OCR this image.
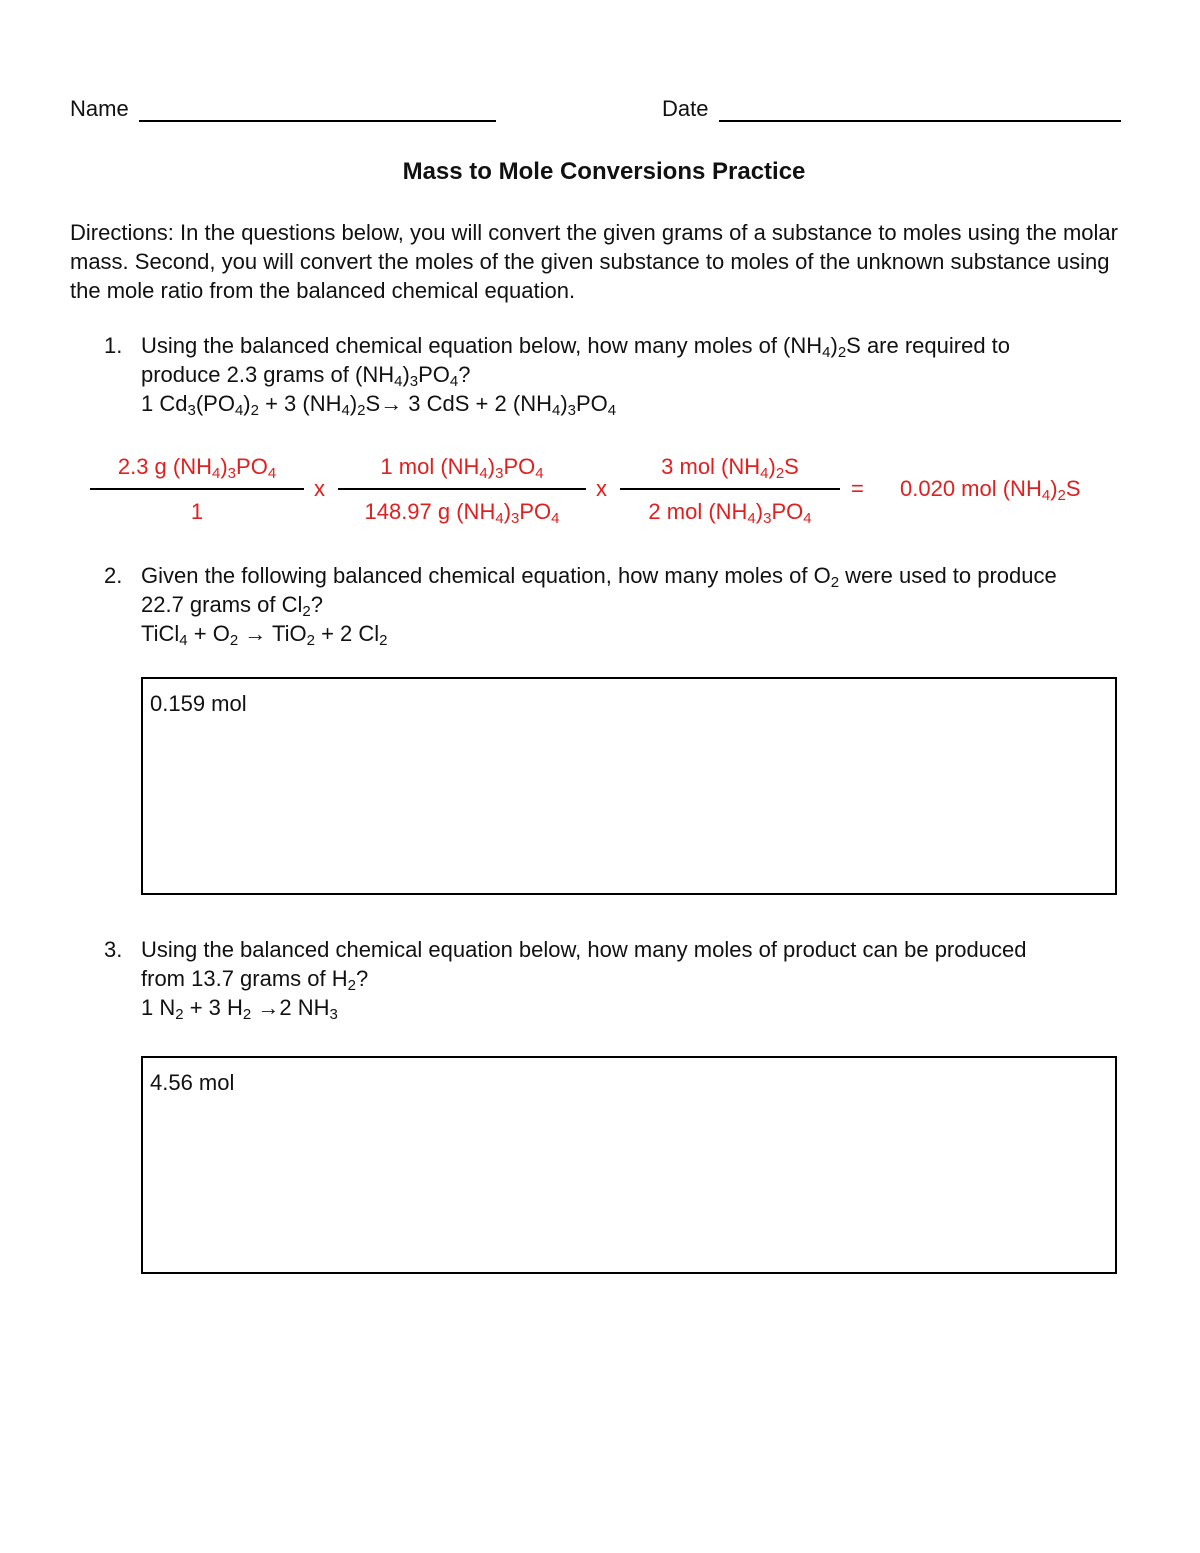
Name	Date
Mass to Mole Conversions Practice

Directions: In the questions below, you will convert the given grams of a substance to moles using the molar mass. Second, you will convert the moles of the given substance to moles of the unknown substance using the mole ratio from the balanced chemical equation.

1. Using the balanced chemical equation below, how many moles of $(NH_4)_2S$ are required to
produce 2.3 grams of $(NH_4)_3PO_4$?
1 $Cd_3(PO_4)_2 + 3$ $(NH_4)_2S\to 3$ CdS + 2 $(NH_4)_3PO_4$
2.3 g $(NH_4)_3PO_4$
1
x
1 mol $(NH_4)_3PO_4$
148.97 g $(NH_4)_3PO_4$
x
3 mol $(NH_4)_2S$
2 mol $(NH_4)_3PO_4$
= 0.020 mol $(NH_4)_2S$
2. Given the following balanced chemical equation, how many moles of $O_2$ were used to produce
22.7 grams of $Cl_2$?
TiCl$_4$ + $O_2 \to TiO_2 + 2$ $Cl_2$
0.159 mol
3. Using the balanced chemical equation below, how many moles of product can be produced
from 13.7 grams of $H_2$?
1 $N_2 + 3$ $H_2 \to 2$ $NH_3$
4.56 mol
